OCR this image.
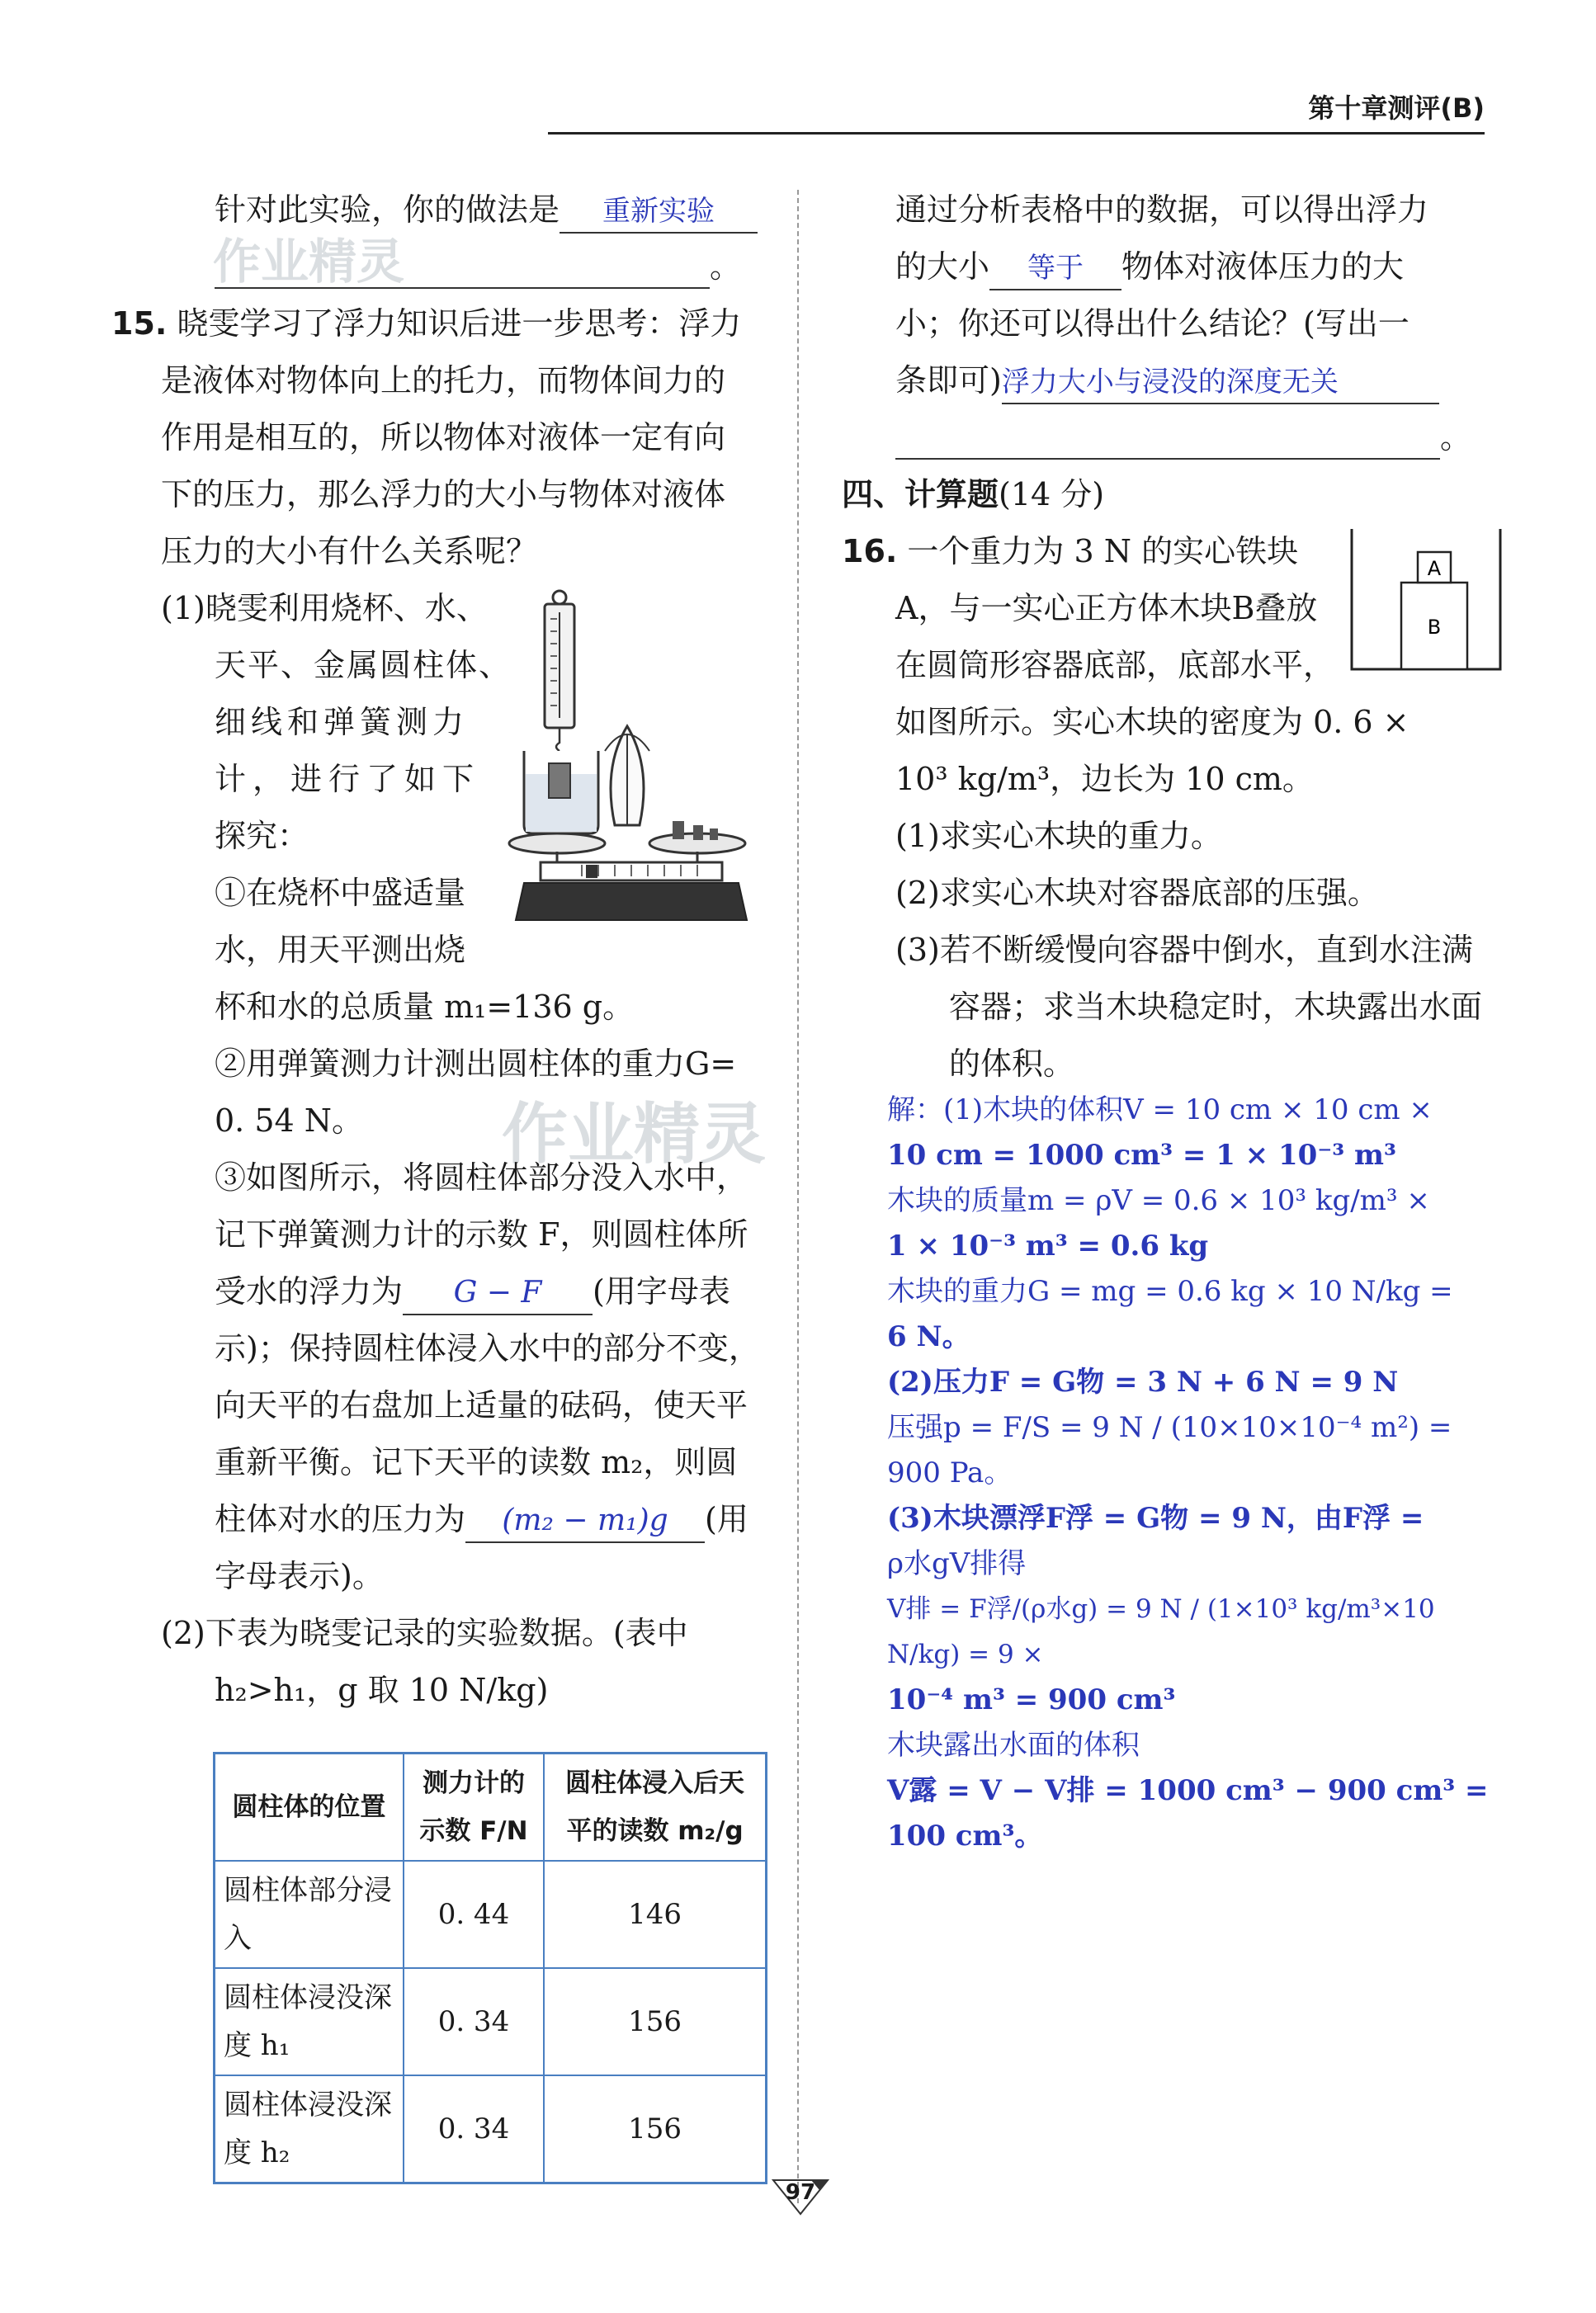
第十章测评(B)
作业精灵
作业精灵
针对此实验，你的做法是 重新实验
。
15. 晓雯学习了浮力知识后进一步思考：浮力
是液体对物体向上的托力，而物体间力的
作用是相互的，所以物体对液体一定有向
下的压力，那么浮力的大小与物体对液体
压力的大小有什么关系呢？
(1)晓雯利用烧杯、水、
天平、金属圆柱体、
细线和弹簧测力
计，进行了如下
探究：
①在烧杯中盛适量
水，用天平测出烧
杯和水的总质量 m₁=136 g。
②用弹簧测力计测出圆柱体的重力G=
0. 54 N。
③如图所示，将圆柱体部分没入水中，
记下弹簧测力计的示数 F，则圆柱体所
受水的浮力为 G − F (用字母表
示)；保持圆柱体浸入水中的部分不变，
向天平的右盘加上适量的砝码，使天平
重新平衡。记下天平的读数 m₂，则圆
柱体对水的压力为 (m₂ − m₁)g (用
字母表示)。
(2)下表为晓雯记录的实验数据。(表中
h₂>h₁，g 取 10 N/kg)
圆柱体的位置	测力计的示数 F/N	圆柱体浸入后天平的读数 m₂/g
圆柱体部分浸入	0. 44	146
圆柱体浸没深度 h₁	0. 34	156
圆柱体浸没深度 h₂	0. 34	156
通过分析表格中的数据，可以得出浮力
的大小 等于 物体对液体压力的大
小；你还可以得出什么结论？(写出一
条即可)浮力大小与浸没的深度无关
。
四、计算题(14 分)
16. 一个重力为 3 N 的实心铁块
A，与一实心正方体木块B叠放
在圆筒形容器底部，底部水平，
如图所示。实心木块的密度为 0. 6 ×
10³ kg/m³，边长为 10 cm。
(1)求实心木块的重力。
(2)求实心木块对容器底部的压强。
(3)若不断缓慢向容器中倒水，直到水注满
容器；求当木块稳定时，木块露出水面
的体积。
A
B
解：(1)木块的体积V = 10 cm × 10 cm ×
10 cm = 1000 cm³ = 1 × 10⁻³ m³
木块的质量m = ρV = 0.6 × 10³ kg/m³ ×
1 × 10⁻³ m³ = 0.6 kg
木块的重力G = mg = 0.6 kg × 10 N/kg =
6 N。
(2)压力F = G物 = 3 N + 6 N = 9 N
压强p = F/S = 9 N / (10×10×10⁻⁴ m²) = 900 Pa。
(3)木块漂浮F浮 = G物 = 9 N，由F浮 =
ρ水gV排得
V排 = F浮/(ρ水g) = 9 N / (1×10³ kg/m³×10 N/kg) = 9 ×
10⁻⁴ m³ = 900 cm³
木块露出水面的体积
V露 = V − V排 = 1000 cm³ − 900 cm³ =
100 cm³。
97
